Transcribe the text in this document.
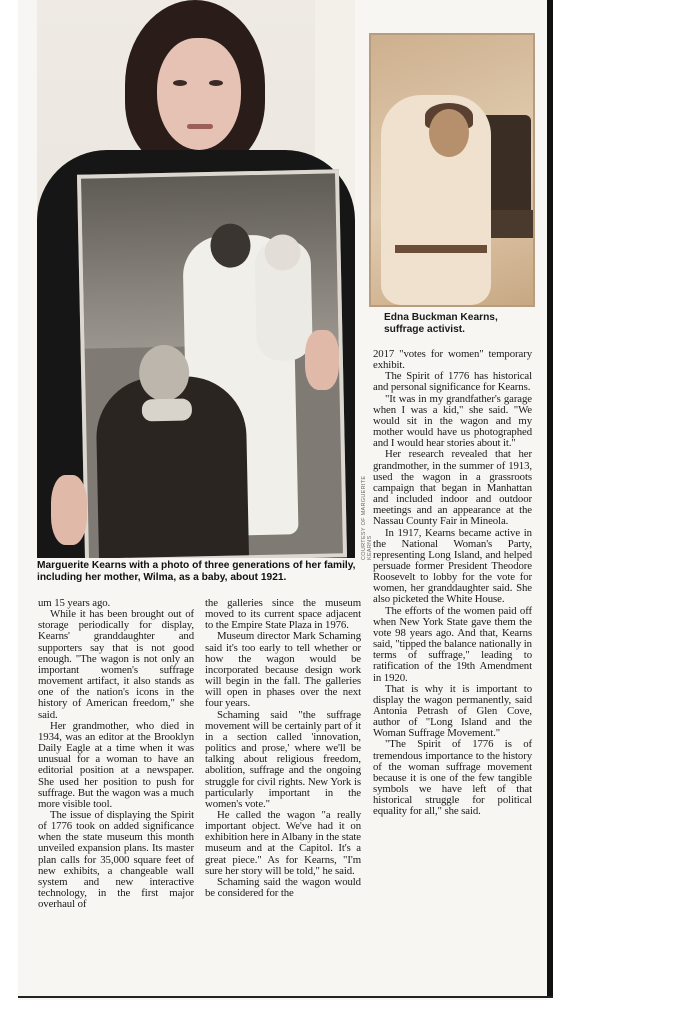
COURTESY OF MARGUERITE KEARNS
Marguerite Kearns with a photo of three generations of her family, including her mother, Wilma, as a baby, about 1921.
Edna Buckman Kearns, suffrage activist.

um 15 years ago.

While it has been brought out of storage periodically for display, Kearns' granddaughter and supporters say that is not good enough. "The wagon is not only an important women's suffrage movement artifact, it also stands as one of the nation's icons in the history of American freedom," she said.

Her grandmother, who died in 1934, was an editor at the Brooklyn Daily Eagle at a time when it was unusual for a woman to have an editorial position at a newspaper. She used her position to push for suffrage. But the wagon was a much more visible tool.

The issue of displaying the Spirit of 1776 took on added significance when the state museum this month unveiled expansion plans. Its master plan calls for 35,000 square feet of new exhibits, a changeable wall system and new interactive technology, in the first major overhaul of

the galleries since the museum moved to its current space adjacent to the Empire State Plaza in 1976.

Museum director Mark Schaming said it's too early to tell whether or how the wagon would be incorporated because design work will begin in the fall. The galleries will open in phases over the next four years.

Schaming said "the suffrage movement will be certainly part of it in a section called 'innovation, politics and prose,' where we'll be talking about religious freedom, abolition, suffrage and the ongoing struggle for civil rights. New York is particularly important in the women's vote."

He called the wagon "a really important object. We've had it on exhibition here in Albany in the state museum and at the Capitol. It's a great piece." As for Kearns, "I'm sure her story will be told," he said.

Schaming said the wagon would be considered for the

2017 "votes for women" temporary exhibit.

The Spirit of 1776 has historical and personal significance for Kearns.

"It was in my grandfather's garage when I was a kid," she said. "We would sit in the wagon and my mother would have us photographed and I would hear stories about it."

Her research revealed that her grandmother, in the summer of 1913, used the wagon in a grassroots campaign that began in Manhattan and included indoor and outdoor meetings and an appearance at the Nassau County Fair in Mineola.

In 1917, Kearns became active in the National Woman's Party, representing Long Island, and helped persuade former President Theodore Roosevelt to lobby for the vote for women, her granddaughter said. She also picketed the White House.

The efforts of the women paid off when New York State gave them the vote 98 years ago. And that, Kearns said, "tipped the balance nationally in terms of suffrage," leading to ratification of the 19th Amendment in 1920.

That is why it is important to display the wagon permanently, said Antonia Petrash of Glen Cove, author of "Long Island and the Woman Suffrage Movement."

"The Spirit of 1776 is of tremendous importance to the history of the woman suffrage movement because it is one of the few tangible symbols we have left of that historical struggle for political equality for all," she said.
